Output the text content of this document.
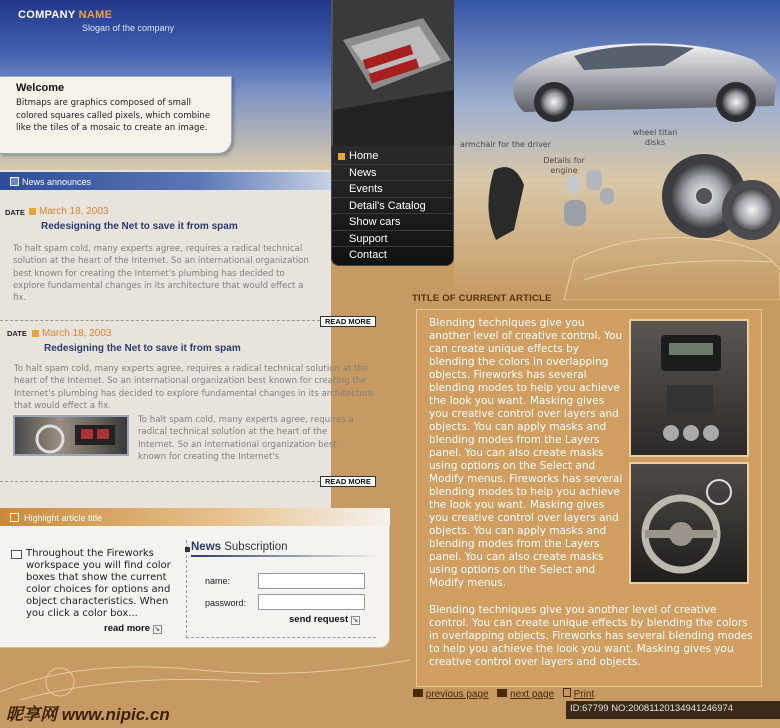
COMPANY NAME
Slogan of the company
armchair for the driver
Details for engine
wheel titan disks
Home
News
Events
Detail's Catalog
Show cars
Support
Contact
Welcome
Bitmaps are graphics composed of small colored squares called pixels, which combine like the tiles of a mosaic to create an image.
News announces
DATE March 18, 2003
Redesigning the Net to save it from spam
To halt spam cold, many experts agree, requires a radical technical solution at the heart of the Internet. So an international organization best known for creating the Internet's plumbing has decided to explore fundamental changes in its architecture that would effect a fix.
READ MORE
DATE March 18, 2003
Redesigning the Net to save it from spam
To halt spam cold, many experts agree, requires a radical technical solution at the heart of the Internet. So an international organization best known for creating the Internet's plumbing has decided to explore fundamental changes in its architecture that would effect a fix.
To halt spam cold, many experts agree, requires a radical technical solution at the heart of the Internet. So an international organization best known for creating the Internet's
READ MORE
Highlight article title
Throughout the Fireworks workspace you will find color boxes that show the current color choices for options and object characteristics. When you click a color box...
read more ↘
News Subscription
name:
password:
send request ↘
TITLE OF CURRENT ARTICLE
Blending techniques give you another level of creative control. You can create unique effects by blending the colors in overlapping objects. Fireworks has several blending modes to help you achieve the look you want. Masking gives you creative control over layers and objects. You can apply masks and blending modes from the Layers panel. You can also create masks using options on the Select and Modify menus. Fireworks has several blending modes to help you achieve the look you want. Masking gives you creative control over layers and objects. You can apply masks and blending modes from the Layers panel. You can also create masks using options on the Select and Modify menus.
Blending techniques give you another level of creative control. You can create unique effects by blending the colors in overlapping objects. Fireworks has several blending modes to help you achieve the look you want. Masking gives you creative control over layers and objects.
previous page next page Print
昵享网 www.nipic.cn	ID:67799 NO:20081120134941246974
